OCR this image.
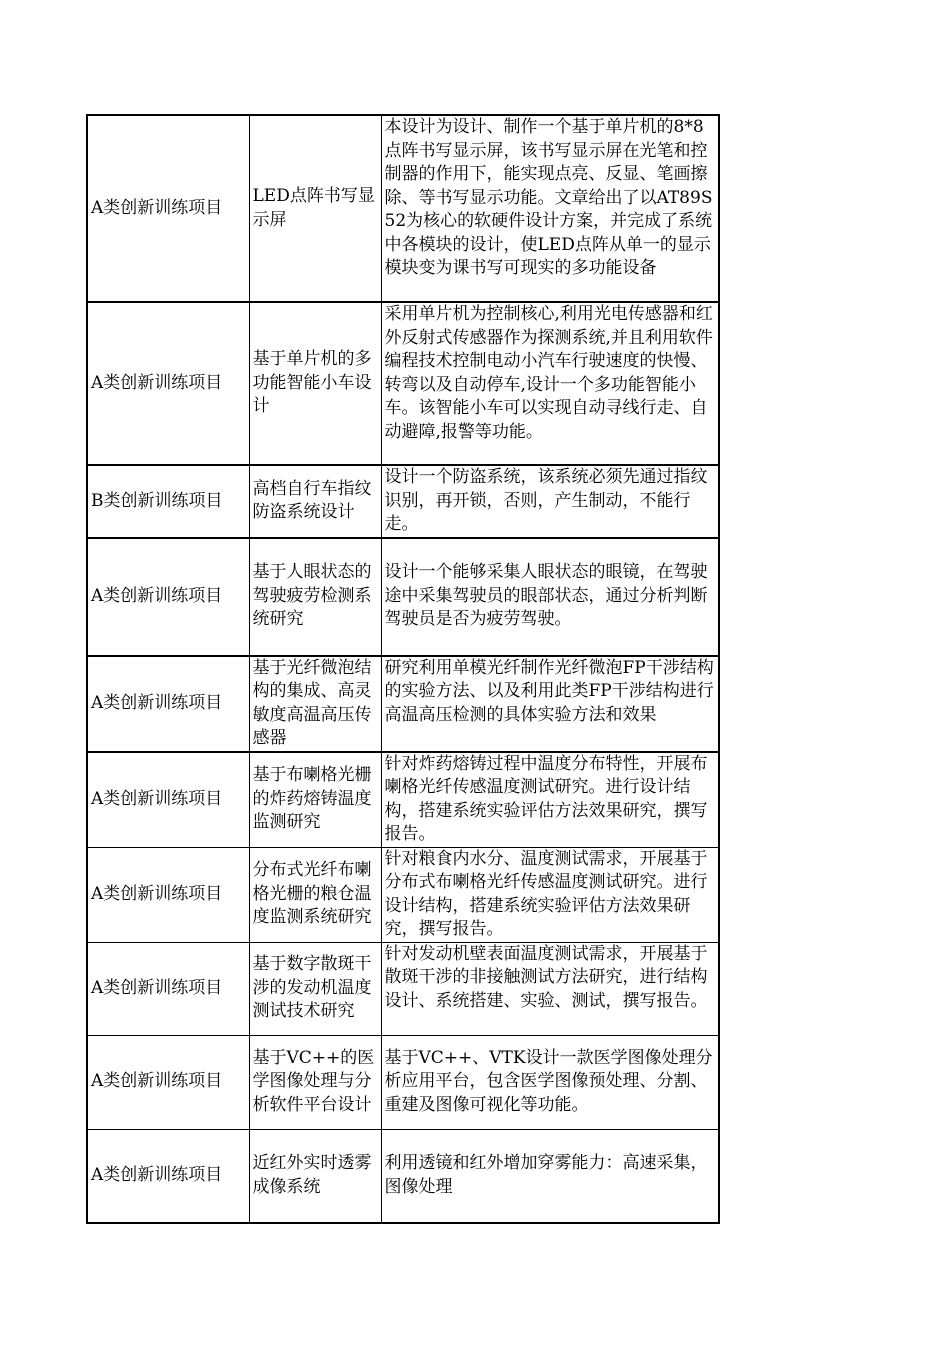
A类创新训练项目	LED点阵书写显示屏	本设计为设计、制作一个基于单片机的8*8点阵书写显示屏，该书写显示屏在光笔和控制器的作用下，能实现点亮、反显、笔画擦除、等书写显示功能。文章给出了以AT89S52为核心的软硬件设计方案，并完成了系统中各模块的设计，使LED点阵从单一的显示模块变为课书写可现实的多功能设备
A类创新训练项目	基于单片机的多功能智能小车设计	采用单片机为控制核心,利用光电传感器和红外反射式传感器作为探测系统,并且利用软件编程技术控制电动小汽车行驶速度的快慢、转弯以及自动停车,设计一个多功能智能小车。该智能小车可以实现自动寻线行走、自动避障,报警等功能。
B类创新训练项目	高档自行车指纹防盗系统设计	设计一个防盗系统，该系统必须先通过指纹识别，再开锁，否则，产生制动，不能行走。
A类创新训练项目	基于人眼状态的驾驶疲劳检测系统研究	设计一个能够采集人眼状态的眼镜，在驾驶途中采集驾驶员的眼部状态，通过分析判断驾驶员是否为疲劳驾驶。
A类创新训练项目	基于光纤微泡结构的集成、高灵敏度高温高压传感器	研究利用单模光纤制作光纤微泡FP干涉结构的实验方法、以及利用此类FP干涉结构进行高温高压检测的具体实验方法和效果
A类创新训练项目	基于布喇格光栅的炸药熔铸温度监测研究	针对炸药熔铸过程中温度分布特性，开展布喇格光纤传感温度测试研究。进行设计结构，搭建系统实验评估方法效果研究，撰写报告。
A类创新训练项目	分布式光纤布喇格光栅的粮仓温度监测系统研究	针对粮食内水分、温度测试需求，开展基于分布式布喇格光纤传感温度测试研究。进行设计结构，搭建系统实验评估方法效果研究，撰写报告。
A类创新训练项目	基于数字散斑干涉的发动机温度测试技术研究	针对发动机壁表面温度测试需求，开展基于散斑干涉的非接触测试方法研究，进行结构设计、系统搭建、实验、测试，撰写报告。
A类创新训练项目	基于VC++的医学图像处理与分析软件平台设计	基于VC++、VTK设计一款医学图像处理分析应用平台，包含医学图像预处理、分割、重建及图像可视化等功能。
A类创新训练项目	近红外实时透雾成像系统	利用透镜和红外增加穿雾能力：高速采集，图像处理
